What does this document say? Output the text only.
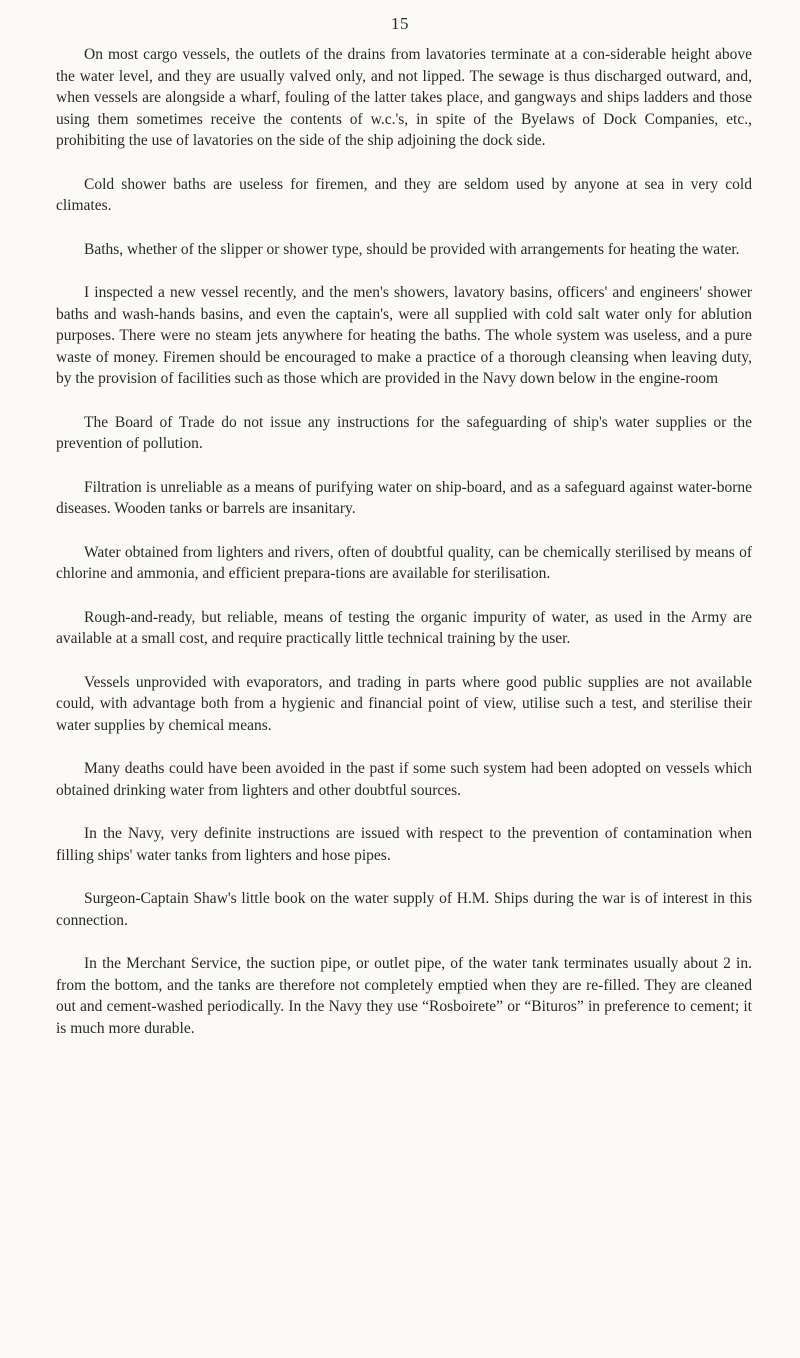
15

On most cargo vessels, the outlets of the drains from lavatories terminate at a con-siderable height above the water level, and they are usually valved only, and not lipped. The sewage is thus discharged outward, and, when vessels are alongside a wharf, fouling of the latter takes place, and gangways and ships ladders and those using them sometimes receive the contents of w.c.'s, in spite of the Byelaws of Dock Companies, etc., prohibiting the use of lavatories on the side of the ship adjoining the dock side.

Cold shower baths are useless for firemen, and they are seldom used by anyone at sea in very cold climates.

Baths, whether of the slipper or shower type, should be provided with arrangements for heating the water.

I inspected a new vessel recently, and the men's showers, lavatory basins, officers' and engineers' shower baths and wash-hands basins, and even the captain's, were all supplied with cold salt water only for ablution purposes. There were no steam jets anywhere for heating the baths. The whole system was useless, and a pure waste of money. Firemen should be encouraged to make a practice of a thorough cleansing when leaving duty, by the provision of facilities such as those which are provided in the Navy down below in the engine-room

The Board of Trade do not issue any instructions for the safeguarding of ship's water supplies or the prevention of pollution.

Filtration is unreliable as a means of purifying water on ship-board, and as a safeguard against water-borne diseases. Wooden tanks or barrels are insanitary.

Water obtained from lighters and rivers, often of doubtful quality, can be chemically sterilised by means of chlorine and ammonia, and efficient prepara-tions are available for sterilisation.

Rough-and-ready, but reliable, means of testing the organic impurity of water, as used in the Army are available at a small cost, and require practically little technical training by the user.

Vessels unprovided with evaporators, and trading in parts where good public supplies are not available could, with advantage both from a hygienic and financial point of view, utilise such a test, and sterilise their water supplies by chemical means.

Many deaths could have been avoided in the past if some such system had been adopted on vessels which obtained drinking water from lighters and other doubtful sources.

In the Navy, very definite instructions are issued with respect to the prevention of contamination when filling ships' water tanks from lighters and hose pipes.

Surgeon-Captain Shaw's little book on the water supply of H.M. Ships during the war is of interest in this connection.

In the Merchant Service, the suction pipe, or outlet pipe, of the water tank terminates usually about 2 in. from the bottom, and the tanks are therefore not completely emptied when they are re-filled. They are cleaned out and cement-washed periodically. In the Navy they use “Rosboirete” or “Bituros” in preference to cement; it is much more durable.
